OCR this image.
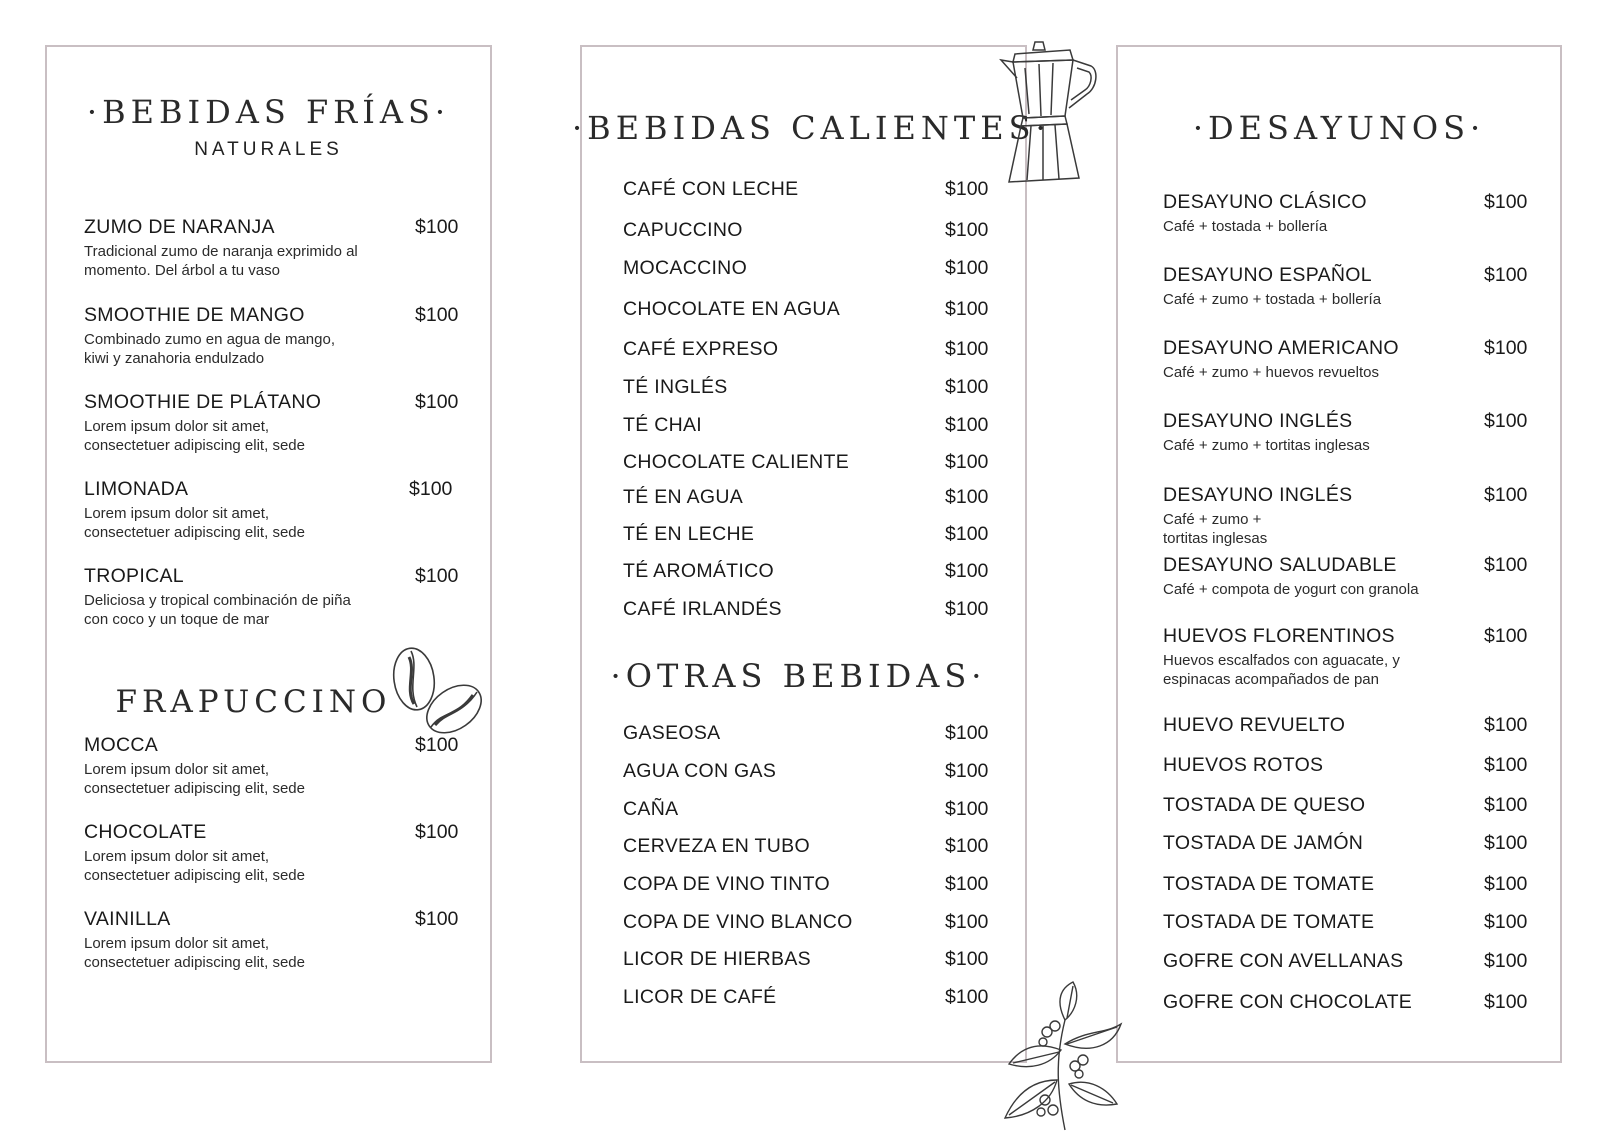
·BEBIDAS FRÍAS·
NATURALES
ZUMO DE NARANJA
Tradicional zumo de naranja exprimido al momento. Del árbol a tu vaso
$100
SMOOTHIE DE MANGO
Combinado zumo en agua de mango, kiwi y zanahoria endulzado
$100
SMOOTHIE DE PLÁTANO
Lorem ipsum dolor sit amet, consectetuer adipiscing elit, sede
$100
LIMONADA
Lorem ipsum dolor sit amet, consectetuer adipiscing elit, sede
$100
TROPICAL
Deliciosa y tropical combinación de piña con coco y un toque de mar
$100
FRAPUCCINO
MOCCA
Lorem ipsum dolor sit amet, consectetuer adipiscing elit, sede
$100
CHOCOLATE
Lorem ipsum dolor sit amet, consectetuer adipiscing elit, sede
$100
VAINILLA
Lorem ipsum dolor sit amet, consectetuer adipiscing elit, sede
$100
·BEBIDAS CALIENTES·
CAFÉ CON LECHE	$100
CAPUCCINO	$100
MOCACCINO	$100
CHOCOLATE EN AGUA	$100
CAFÉ EXPRESO	$100
TÉ INGLÉS	$100
TÉ CHAI	$100
CHOCOLATE CALIENTE	$100
TÉ EN AGUA	$100
TÉ EN LECHE	$100
TÉ AROMÁTICO	$100
CAFÉ IRLANDÉS	$100
·OTRAS BEBIDAS·
GASEOSA	$100
AGUA CON GAS	$100
CAÑA	$100
CERVEZA EN TUBO	$100
COPA DE VINO TINTO	$100
COPA DE VINO BLANCO	$100
LICOR DE HIERBAS	$100
LICOR DE CAFÉ	$100
·DESAYUNOS·
DESAYUNO CLÁSICO
Café + tostada + bollería
$100
DESAYUNO ESPAÑOL
Café + zumo + tostada + bollería
$100
DESAYUNO AMERICANO
Café + zumo + huevos revueltos
$100
DESAYUNO INGLÉS
Café + zumo + tortitas inglesas
$100
DESAYUNO INGLÉS
Café + zumo + tortitas inglesas
$100
DESAYUNO SALUDABLE
Café + compota de yogurt con granola
$100
HUEVOS FLORENTINOS
Huevos escalfados con aguacate, y espinacas acompañados de pan
$100
HUEVO REVUELTO	$100
HUEVOS ROTOS	$100
TOSTADA DE QUESO	$100
TOSTADA DE JAMÓN	$100
TOSTADA DE TOMATE	$100
TOSTADA DE TOMATE	$100
GOFRE CON AVELLANAS	$100
GOFRE CON CHOCOLATE	$100
